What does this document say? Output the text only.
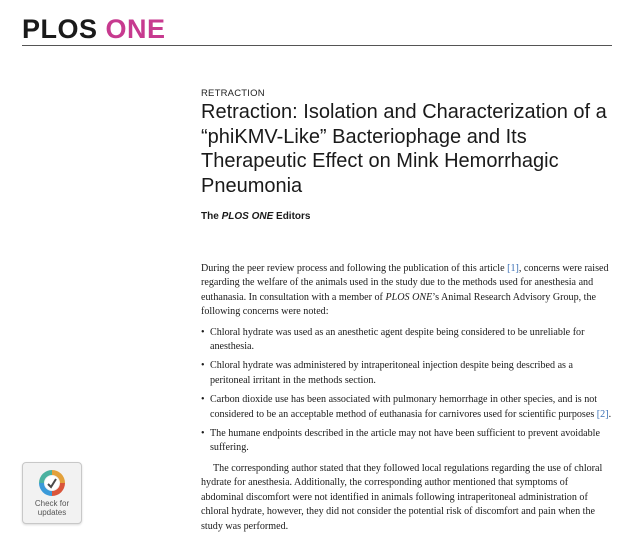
PLOS ONE
RETRACTION
Retraction: Isolation and Characterization of a “phiKMV-Like” Bacteriophage and Its Therapeutic Effect on Mink Hemorrhagic Pneumonia
The PLOS ONE Editors

During the peer review process and following the publication of this article [1], concerns were raised regarding the welfare of the animals used in the study due to the methods used for anesthesia and euthanasia. In consultation with a member of PLOS ONE’s Animal Research Advisory Group, the following concerns were noted:

• Chloral hydrate was used as an anesthetic agent despite being considered to be unreliable for anesthesia.
• Chloral hydrate was administered by intraperitoneal injection despite being described as a peritoneal irritant in the methods section.
• Carbon dioxide use has been associated with pulmonary hemorrhage in other species, and is not considered to be an acceptable method of euthanasia for carnivores used for scientific purposes [2].
• The humane endpoints described in the article may not have been sufficient to prevent avoidable suffering.

The corresponding author stated that they followed local regulations regarding the use of chloral hydrate for anesthesia. Additionally, the corresponding author mentioned that symptoms of abdominal discomfort were not identified in animals following intraperitoneal administration of chloral hydrate, however, they did not consider the potential risk of discomfort and pain when the study was performed.

Check for
updates
